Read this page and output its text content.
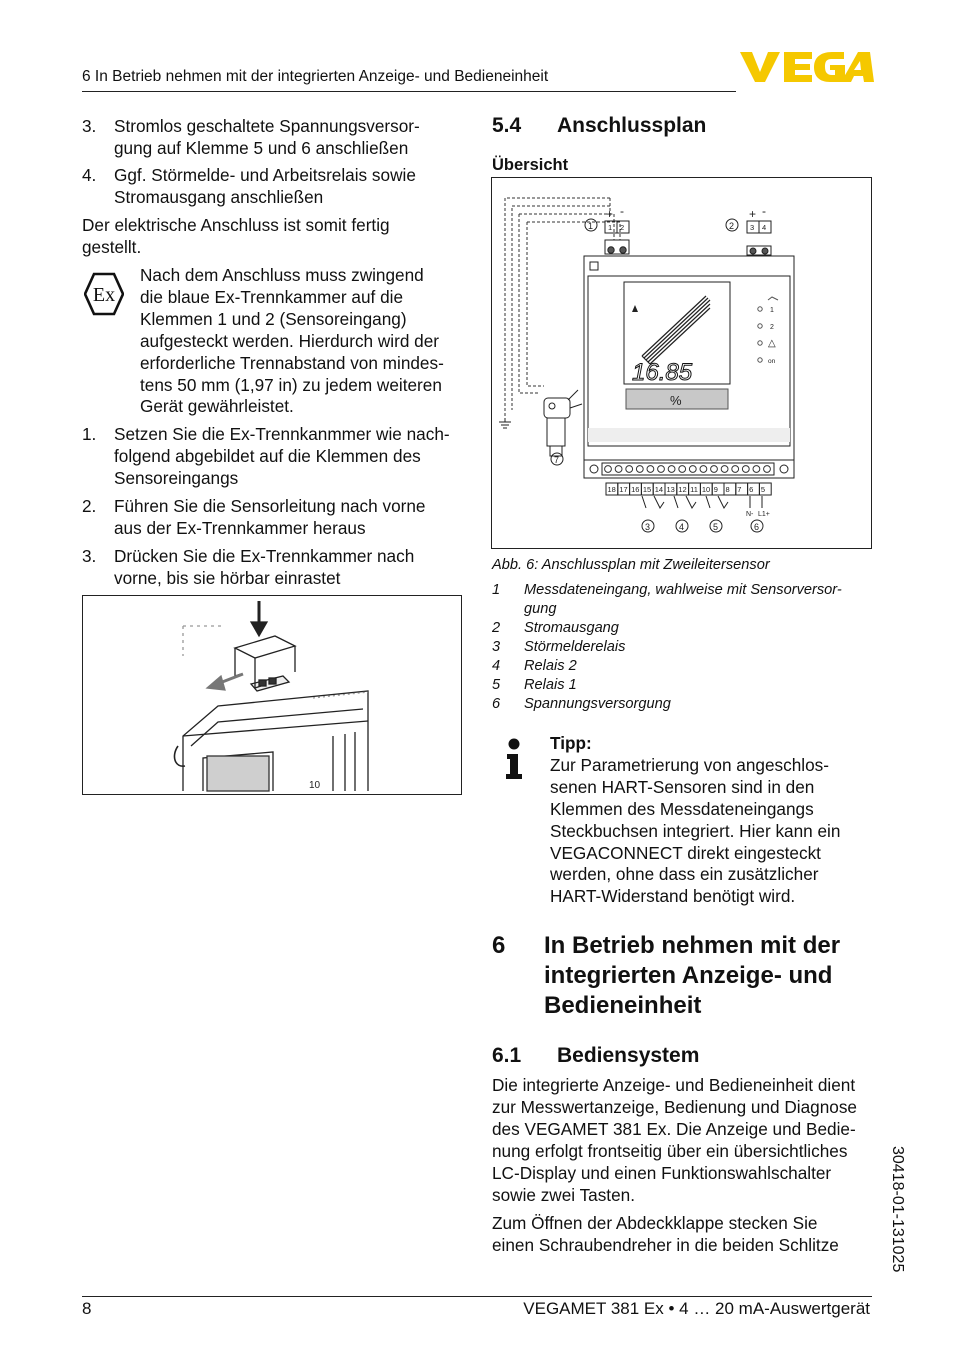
6 In Betrieb nehmen mit der integrierten Anzeige- und Bedieneinheit
3. Stromlos geschaltete Spannungsversor-
gung auf Klemme 5 und 6 anschließen
4. Ggf. Störmelde- und Arbeitsrelais sowie
Stromausgang anschließen
Der elektrische Anschluss ist somit fertig
gestellt.
Ex
Nach dem Anschluss muss zwingend
die blaue Ex-Trennkammer auf die
Klemmen 1 und 2 (Sensoreingang)
aufgesteckt werden. Hierdurch wird der
erforderliche Trennabstand von mindes-
tens 50 mm (1,97 in) zu jedem weiteren
Gerät gewährleistet.
1. Setzen Sie die Ex-Trennkanmmer wie nach-
folgend abgebildet auf die Klemmen des
Sensoreingangs
2. Führen Sie die Sensorleitung nach vorne
aus der Ex-Trennkammer heraus
3. Drücken Sie die Ex-Trennkammer nach
vorne, bis sie hörbar einrastet
10
5.4 Anschlussplan
Übersicht
+ -	+ -
1 2	3 4
1	2
16.85
%
1
2
△
on
18 17 16 15 14 13 12 11 10 9 8 7 6 5
N- L1+
3	4	5	6
7
Abb. 6: Anschlussplan mit Zweileitersensor
1 Messdateneingang, wahlweise mit Sensorversor-
gung
2 Stromausgang
3 Störmelderelais
4 Relais 2
5 Relais 1
6 Spannungsversorgung
Tipp:
Zur Parametrierung von angeschlos-
senen HART-Sensoren sind in den
Klemmen des Messdateneingangs
Steckbuchsen integriert. Hier kann ein
VEGACONNECT direkt eingesteckt
werden, ohne dass ein zusätzlicher
HART-Widerstand benötigt wird.
6 In Betrieb nehmen mit der
integrierten Anzeige- und
Bedieneinheit
6.1 Bediensystem
Die integrierte Anzeige- und Bedieneinheit dient
zur Messwertanzeige, Bedienung und Diagnose
des VEGAMET 381 Ex. Die Anzeige und Bedie-
nung erfolgt frontseitig über ein übersichtliches
LC-Display und einen Funktionswahlschalter
sowie zwei Tasten.
Zum Öffnen der Abdeckklappe stecken Sie
einen Schraubendreher in die beiden Schlitze	30418-01-131025
8	VEGAMET 381 Ex • 4 … 20 mA-Auswertgerät
